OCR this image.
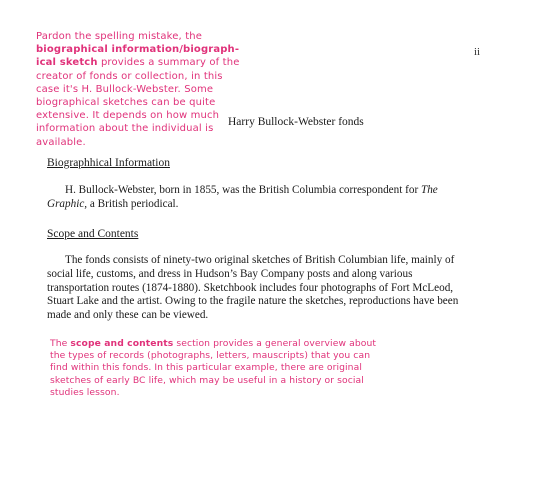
Pardon the spelling mistake, the biographical information/biograph-ical sketch provides a summary of the creator of fonds or collection, in this case it's H. Bullock-Webster. Some biographical sketches can be quite extensive. It depends on how much information about the individual is available.

ii
Harry Bullock-Webster fonds
Biographhical Information

H. Bullock-Webster, born in 1855, was the British Columbia correspondent for The Graphic, a British periodical.

Scope and Contents

The fonds consists of ninety-two original sketches of British Columbian life, mainly of social life, customs, and dress in Hudson’s Bay Company posts and along various transportation routes (1874-1880). Sketchbook includes four photographs of Fort McLeod, Stuart Lake and the artist. Owing to the fragile nature the sketches, reproductions have been made and only these can be viewed.

The scope and contents section provides a general overview about the types of records (photographs, letters, mauscripts) that you can find within this fonds. In this particular example, there are original sketches of early BC life, which may be useful in a history or social studies lesson.
